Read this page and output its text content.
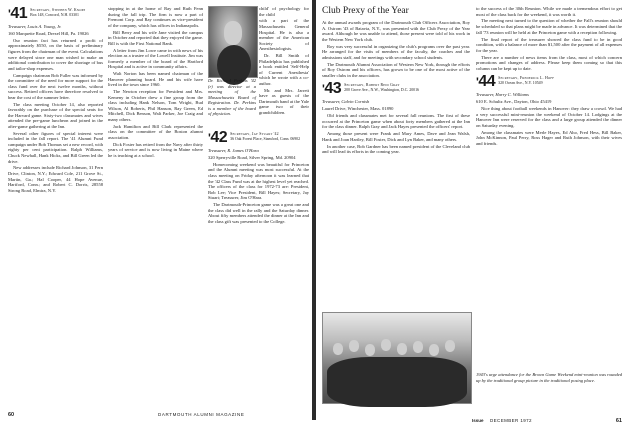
'41 Secretary, Stephen W. Knopp
Box 148, Concord, N.H. 03301

Treasurer, Louis A. Young, Jr.

160 Marquette Road, Drexel Hill, Pa. 19026

Our reunion fact has returned a profit of approximately $550, on the basis of preliminary figures from the chairman of the event. Calculations were delayed since one man wished to make an additional contribution to cover the shortage of bus and tailor-shop expenses.

Campaign chairman Bob Fuller was informed by the committee of the need for more support for the class fund over the next twelve months, without success. Retired officers have therefore resolved to bear the cost of the summer letter.

The class meeting October 14, also reported favorably on the purchase of the special seats for the Harvard game. Sixty-two classmates and wives attended the pre-game luncheon and joined in the after-game gathering at the Inn.

Several other figures of special interest were included in the fall report. The '41 Alumni Fund campaign under Bob Thomas set a new record, with eighty per cent participation. Ralph Williams, Chuck Newhall, Hank Hicks, and Bill Green led the drive.

New addresses include Richard Johnson, 31 Fern Drive, Clinton, N.Y.; Edward Cole, 211 Grove St., Martin, Ga.; Hal Cooper, 44 Hope Avenue, Hartford, Conn.; and Robert C. Dorris, 28558 Strong Road, Elmira, N.Y.

stopping in at the home of Ray and Ruth Fenn during the fall trip. The firm is now a part of Fremont Corp. and Ray continues as vice-president of the company, which has offices in Indianapolis.

Bill Berry and his wife Jane visited the campus in October and reported that they enjoyed the game. Bill is with the First National Bank.

A letter from Jim Lowe came in with news of his election as a trustee of the Lowell Institute. Jim was formerly a member of the board of the Hartford Hospital and is active in community affairs.

Walt Norton has been named chairman of the Hanover planning board. He and his wife have lived in the town since 1960.

The Newton reception for President and Mrs. Kemeny in October drew a fine group from the class including Hank Nelson, Tom Wright, Bud Wilson, Al Roberts, Phil Hanson, Ray Green, Ed Mitchell, Dick Benson, Walt Parker, Joe Craig and many others.

Jack Hamilton and Bill Clark represented the class on the committee of the Boston alumni association.

Dick Foster has retired from the Navy after thirty years of service and is now living in Maine where he is teaching at a school.

Dr. Richard Perkins '42 (r) was director at a meeting of the Massachusetts Board of Registration. Dr. Perkins is a member of the board of physician.

child' of psychology for the child

with a part of the Massachusetts General Hospital. He is also a member of the American Society of Anesthesiologists.

Dr. Bill Smith of Philadelphia has published a book entitled 'Self-Help of Current Anesthesia' which he wrote with a co-author.

Mr. and Mrs. Jarrett have as guests of the Dartmouth band at the Yale game two of their grandchildren.

'42 Secretary, Jay Stuart '42
36 Oak Forest Place, Stamford, Conn. 06902

Treasurer, R. James O'Hara

320 Sperryville Road, Silver Spring, Md. 20904

Homecoming weekend was beautiful for Princeton and the Alumni meeting was most successful. At the class meeting on Friday afternoon it was learned that the '42 Class Fund was at the highest level yet reached. The officers of the class for 1972-73 are: President, Bob Lee; Vice President, Bill Hayes; Secretary, Jay Stuart; Treasurer, Jim O'Hara.

The Dartmouth-Princeton game was a great one and the class did well in the rally and the Saturday dinner. About fifty members attended the dinner at the Inn and the class gift was presented to the College.

60	DARTMOUTH ALUMNI MAGAZINE
Club Prexy of the Year

At the annual awards program of the Dartmouth Club Officers Association, Roy A. Ostrom '43 of Batavia, N.Y., was presented with the Club Prexy of the Year award. Although he was unable to attend, those present were told of his work in the Western New York club.

Roy was very successful in organizing the club's programs over the past year. He arranged for the visits of members of the faculty, the coaches and the admissions staff, and for meetings with secondary school students.

The Dartmouth Alumni Association of Western New York, through the efforts of Roy Ostrom and his officers, has grown to be one of the most active of the smaller clubs in the association.

'43 Secretary, Robert Reid Gray
200 Grove Ave., N.W., Washington, D.C. 20016

Treasurer, Calvin Cornish

Laurel Drive, Winchester, Mass. 01890

Old friends and classmates met for several fall reunions. The first of these occurred at the Princeton game when about forty members gathered at the Inn for the class dinner. Ralph Gray and Jack Hayes presented the officers' report.

Among those present were Frank and Mary Ames, Dave and Jean Walsh, Hank and Joan Hartley, Bill Foster, Dick and Lyn Baker, and many others.

In another case, Bob Gardner has been named president of the Cleveland club and will lead its efforts in the coming year.

to the success of the 30th Reunion. While we made a tremendous effort to get most of the class back for the weekend, it was worth it.

The meeting next turned to the question of whether the Fall's reunion should be scheduled so that plans might be made in advance. It was determined that the fall '73 reunion will be held at the Princeton game with a reception following.

The final report of the treasurer showed the class fund to be in good condition, with a balance of more than $1,500 after the payment of all expenses for the year.

There are a number of news items from the class, most of which concern promotions and changes of address. Please keep them coming so that this column can be kept up to date.

'44 Secretary, Frederick L. Hoff
320 Ocean Ave., N.Y. 10549

Treasurer, Harry C. Williams

610 E. Schultz Ave., Dayton, Ohio 45419

Nice thing about football weekends in Hanover: they draw a crowd. We had a very successful mini-reunion the weekend of October 14. Lodgings at the Hanover Inn were reserved for the class and a large group attended the dinner on Saturday evening.

Among the classmates were Merle Hayes, Ed Aho, Fred Hess, Bill Baker, John McKinnon, Paul Perry, Ross Hager and Ruth Johnson, with their wives and friends.

1943's urge attendance for the Brown Game Weekend mini-reunion was rounded up by the traditional group picture in the traditional posing place.
Issue DECEMBER 1972	61
